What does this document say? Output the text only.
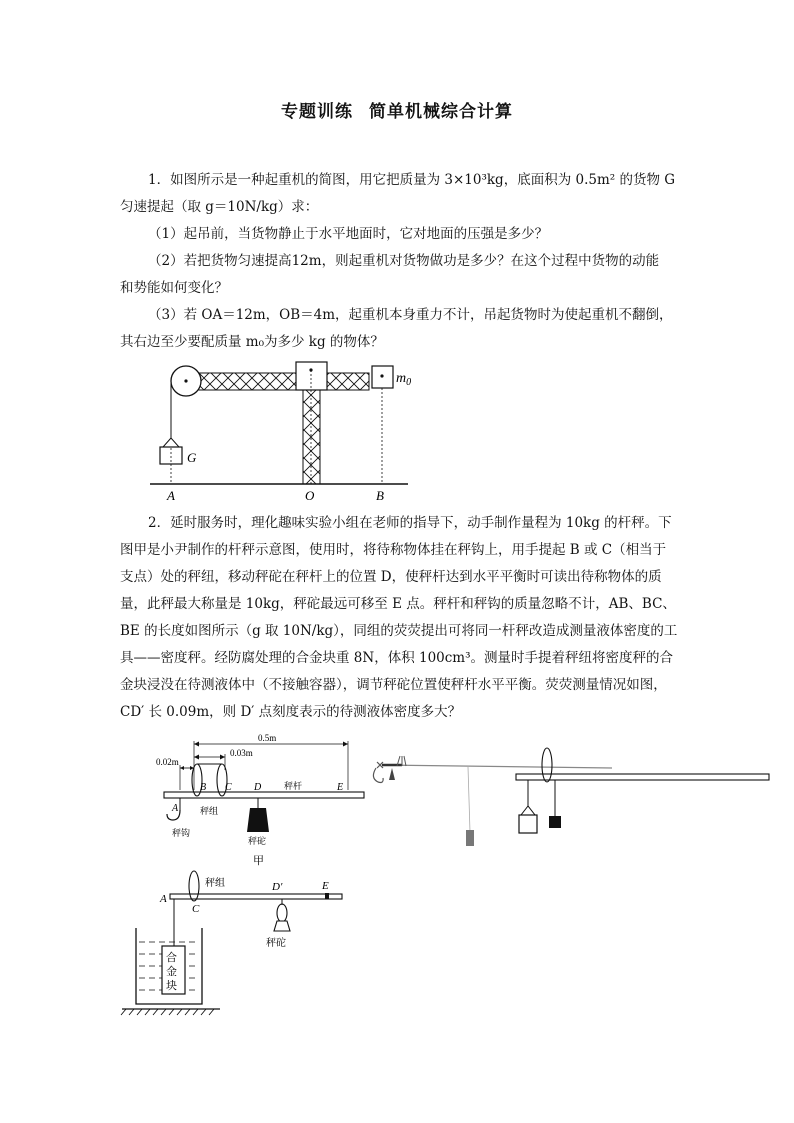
专题训练 简单机械综合计算
1．如图所示是一种起重机的简图，用它把质量为 3×10³kg，底面积为 0.5m² 的货物 G
匀速提起（取 g＝10N/kg）求：
（1）起吊前，当货物静止于水平地面时，它对地面的压强是多少？
（2）若把货物匀速提高12m，则起重机对货物做功是多少？在这个过程中货物的动能
和势能如何变化？
（3）若 OA＝12m，OB＝4m，起重机本身重力不计，吊起货物时为使起重机不翻倒，
其右边至少要配质量 m₀为多少 kg 的物体？
$m_0$
G
A	O	B
2．延时服务时，理化趣味实验小组在老师的指导下，动手制作量程为 10kg 的杆秤。下
图甲是小尹制作的杆秤示意图，使用时，将待称物体挂在秤钩上，用手提起 B 或 C（相当于
支点）处的秤纽，移动秤砣在秤杆上的位置 D，使秤杆达到水平平衡时可读出待称物体的质
量，此秤最大称量是 10kg，秤砣最远可移至 E 点。秤杆和秤钩的质量忽略不计，AB、BC、
BE 的长度如图所示（g 取 10N/kg），同组的荧荧提出可将同一杆秤改造成测量液体密度的工
具——密度秤。经防腐处理的合金块重 8N，体积 100cm³。测量时手提着秤纽将密度秤的合
金块浸没在待测液体中（不接触容器），调节秤砣位置使秤杆水平平衡。荧荧测量情况如图，
CD′ 长 0.09m，则 D′ 点刻度表示的待测液体密度多大？
0.5m
0.03m
0.02m
A
B C D	E
秤杆
秤组
秤钩
秤砣
甲
合
金
块
A
C
秤组	D′	E
秤砣
